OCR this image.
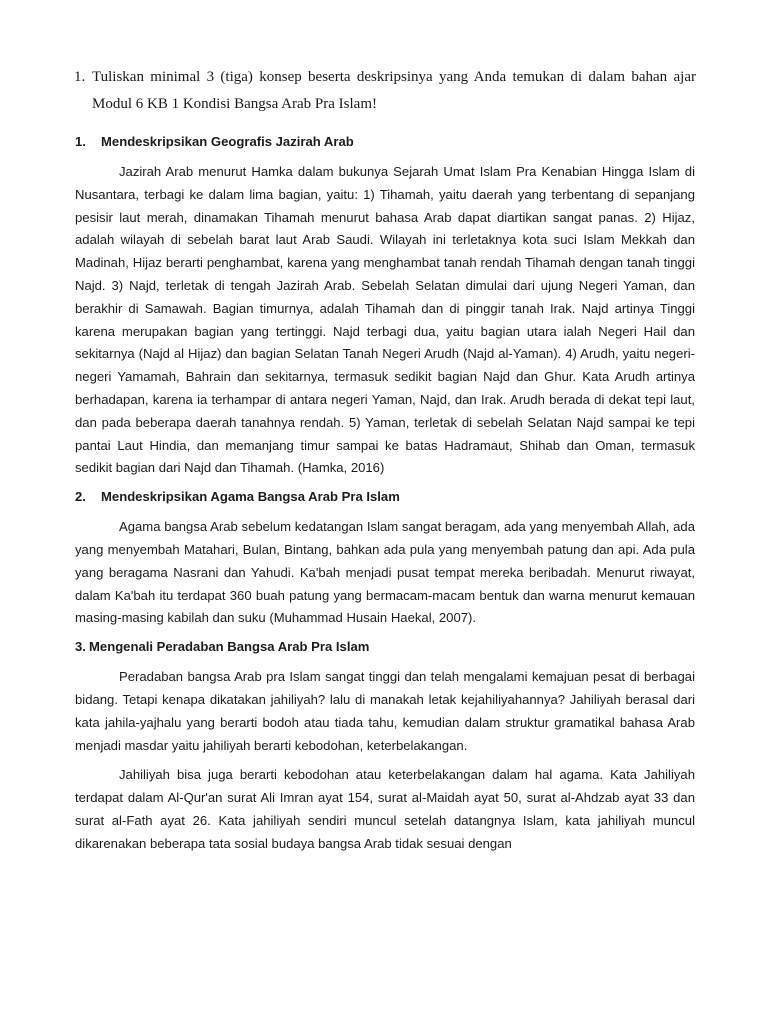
1. Tuliskan minimal 3 (tiga) konsep beserta deskripsinya yang Anda temukan di dalam bahan ajar Modul 6 KB 1 Kondisi Bangsa Arab Pra Islam!
1.	Mendeskripsikan Geografis Jazirah Arab

Jazirah Arab menurut Hamka dalam bukunya Sejarah Umat Islam Pra Kenabian Hingga Islam di Nusantara, terbagi ke dalam lima bagian, yaitu: 1) Tihamah, yaitu daerah yang terbentang di sepanjang pesisir laut merah, dinamakan Tihamah menurut bahasa Arab dapat diartikan sangat panas. 2) Hijaz, adalah wilayah di sebelah barat laut Arab Saudi. Wilayah ini terletaknya kota suci Islam Mekkah dan Madinah, Hijaz berarti penghambat, karena yang menghambat tanah rendah Tihamah dengan tanah tinggi Najd. 3) Najd, terletak di tengah Jazirah Arab. Sebelah Selatan dimulai dari ujung Negeri Yaman, dan berakhir di Samawah. Bagian timurnya, adalah Tihamah dan di pinggir tanah Irak. Najd artinya Tinggi karena merupakan bagian yang tertinggi. Najd terbagi dua, yaitu bagian utara ialah Negeri Hail dan sekitarnya (Najd al Hijaz) dan bagian Selatan Tanah Negeri Arudh (Najd al-Yaman). 4) Arudh, yaitu negeri-negeri Yamamah, Bahrain dan sekitarnya, termasuk sedikit bagian Najd dan Ghur. Kata Arudh artinya berhadapan, karena ia terhampar di antara negeri Yaman, Najd, dan Irak. Arudh berada di dekat tepi laut, dan pada beberapa daerah tanahnya rendah. 5) Yaman, terletak di sebelah Selatan Najd sampai ke tepi pantai Laut Hindia, dan memanjang timur sampai ke batas Hadramaut, Shihab dan Oman, termasuk sedikit bagian dari Najd dan Tihamah. (Hamka, 2016)

2.	Mendeskripsikan Agama Bangsa Arab Pra Islam

Agama bangsa Arab sebelum kedatangan Islam sangat beragam, ada yang menyembah Allah, ada yang menyembah Matahari, Bulan, Bintang, bahkan ada pula yang menyembah patung dan api. Ada pula yang beragama Nasrani dan Yahudi. Ka'bah menjadi pusat tempat mereka beribadah. Menurut riwayat, dalam Ka'bah itu terdapat 360 buah patung yang bermacam-macam bentuk dan warna menurut kemauan masing-masing kabilah dan suku (Muhammad Husain Haekal, 2007).

3. Mengenali Peradaban Bangsa Arab Pra Islam

Peradaban bangsa Arab pra Islam sangat tinggi dan telah mengalami kemajuan pesat di berbagai bidang. Tetapi kenapa dikatakan jahiliyah? lalu di manakah letak kejahiliyahannya? Jahiliyah berasal dari kata jahila-yajhalu yang berarti bodoh atau tiada tahu, kemudian dalam struktur gramatikal bahasa Arab menjadi masdar yaitu jahiliyah berarti kebodohan, keterbelakangan.

Jahiliyah bisa juga berarti kebodohan atau keterbelakangan dalam hal agama. Kata Jahiliyah terdapat dalam Al-Qur'an surat Ali Imran ayat 154, surat al-Maidah ayat 50, surat al-Ahdzab ayat 33 dan surat al-Fath ayat 26. Kata jahiliyah sendiri muncul setelah datangnya Islam, kata jahiliyah muncul dikarenakan beberapa tata sosial budaya bangsa Arab tidak sesuai dengan
